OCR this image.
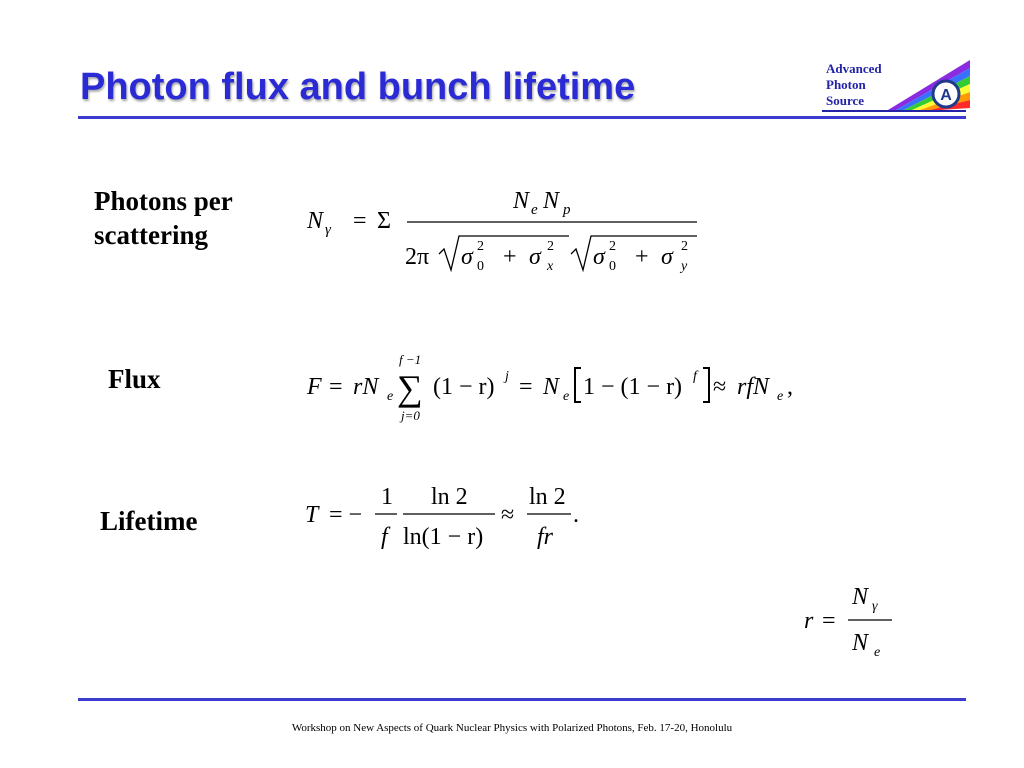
Photon flux and bunch lifetime	A
Advanced
Photon
Source
Photons per
scattering	N γ = Σ
N e N p
2π σ 2
0 + σ 2
x σ 2
0 + σ 2
y
Flux	F = rN e
f −1
∑
j=0
(1 − r) j = N e 1 − (1 − r) f ≈ rfN e ,
Lifetime	T = −
1
f
ln 2
ln(1 − r)
≈
ln 2
fr
.
r =
N γ
N e
Workshop on New Aspects of Quark Nuclear Physics with Polarized Photons, Feb. 17-20, Honolulu
